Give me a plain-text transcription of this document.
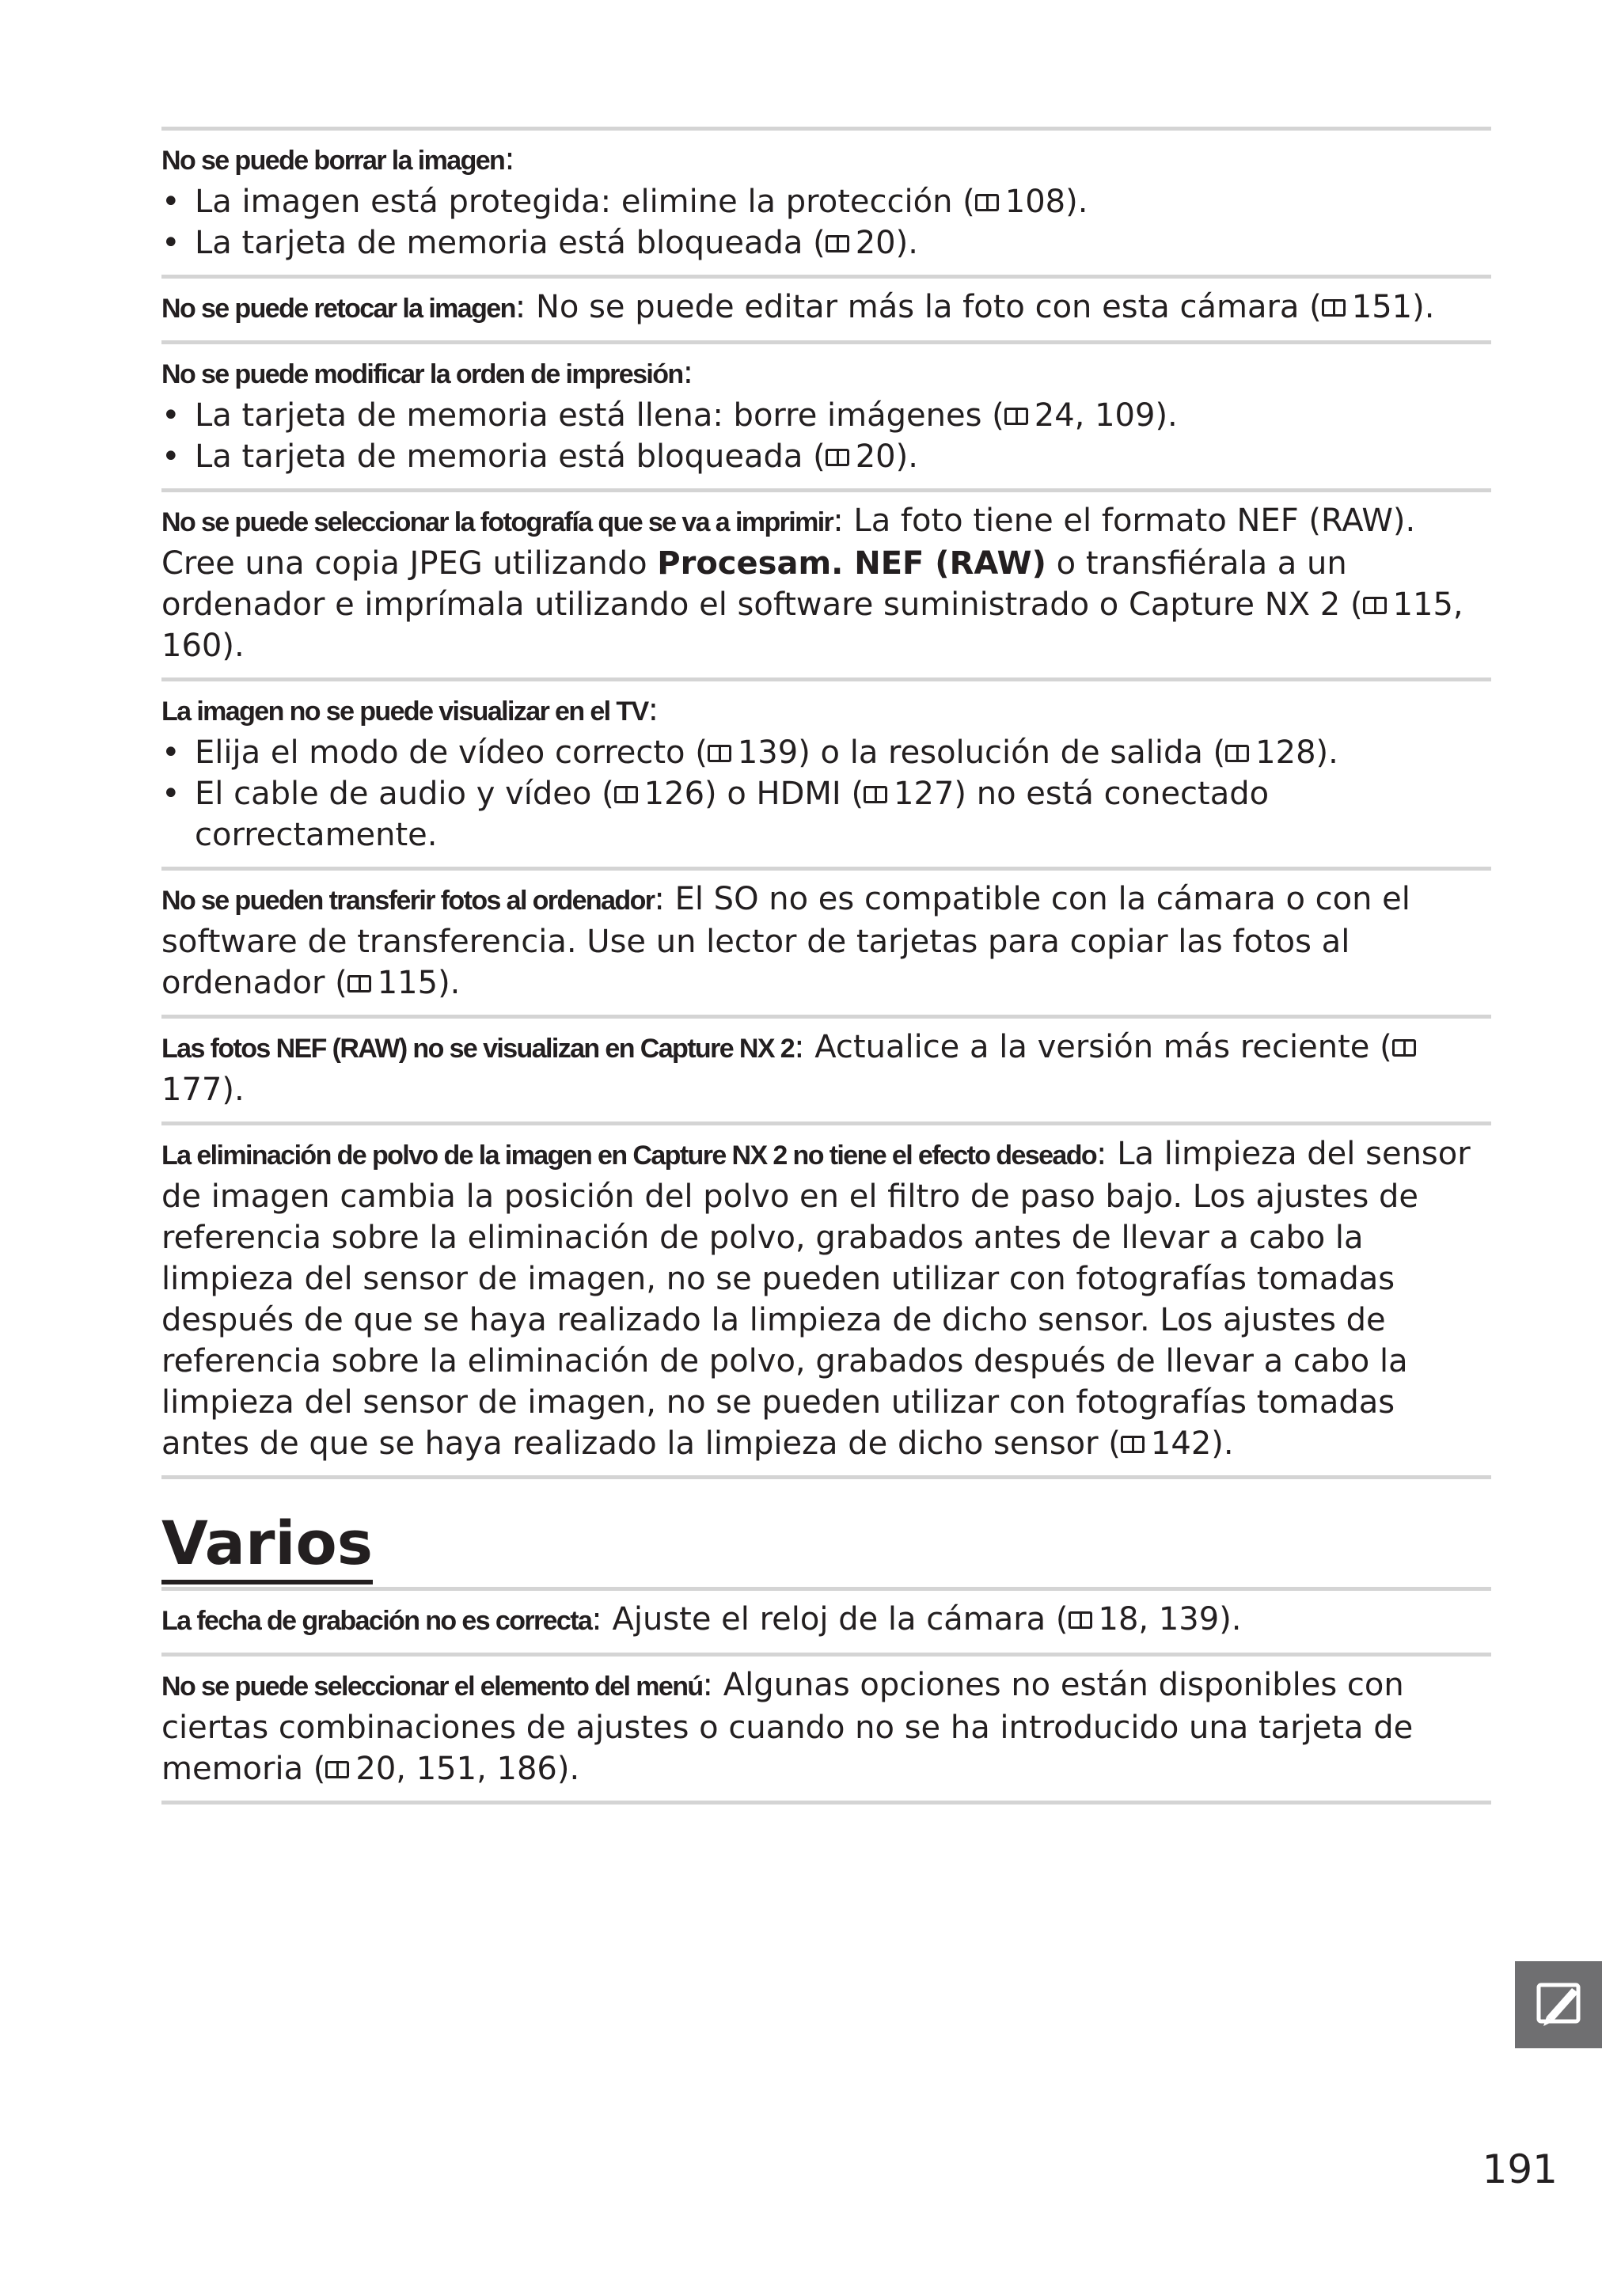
No se puede borrar la imagen:
• La imagen está protegida: elimine la protección ( 108).
• La tarjeta de memoria está bloqueada ( 20).
No se puede retocar la imagen: No se puede editar más la foto con esta cámara ( 151).
No se puede modificar la orden de impresión:
• La tarjeta de memoria está llena: borre imágenes ( 24, 109).
• La tarjeta de memoria está bloqueada ( 20).
No se puede seleccionar la fotografía que se va a imprimir: La foto tiene el formato NEF (RAW). Cree una copia JPEG utilizando Procesam. NEF (RAW) o transfiérala a un ordenador e imprímala utilizando el software suministrado o Capture NX 2 ( 115, 160).
La imagen no se puede visualizar en el TV:
• Elija el modo de vídeo correcto ( 139) o la resolución de salida ( 128).
• El cable de audio y vídeo ( 126) o HDMI ( 127) no está conectado correctamente.
No se pueden transferir fotos al ordenador: El SO no es compatible con la cámara o con el software de transferencia. Use un lector de tarjetas para copiar las fotos al ordenador ( 115).
Las fotos NEF (RAW) no se visualizan en Capture NX 2: Actualice a la versión más reciente (177).
La eliminación de polvo de la imagen en Capture NX 2 no tiene el efecto deseado: La limpieza del sensor de imagen cambia la posición del polvo en el filtro de paso bajo. Los ajustes de referencia sobre la eliminación de polvo, grabados antes de llevar a cabo la limpieza del sensor de imagen, no se pueden utilizar con fotografías tomadas después de que se haya realizado la limpieza de dicho sensor. Los ajustes de referencia sobre la eliminación de polvo, grabados después de llevar a cabo la limpieza del sensor de imagen, no se pueden utilizar con fotografías tomadas antes de que se haya realizado la limpieza de dicho sensor ( 142).
Varios
La fecha de grabación no es correcta: Ajuste el reloj de la cámara ( 18, 139).
No se puede seleccionar el elemento del menú: Algunas opciones no están disponibles con ciertas combinaciones de ajustes o cuando no se ha introducido una tarjeta de memoria ( 20, 151, 186).
191
